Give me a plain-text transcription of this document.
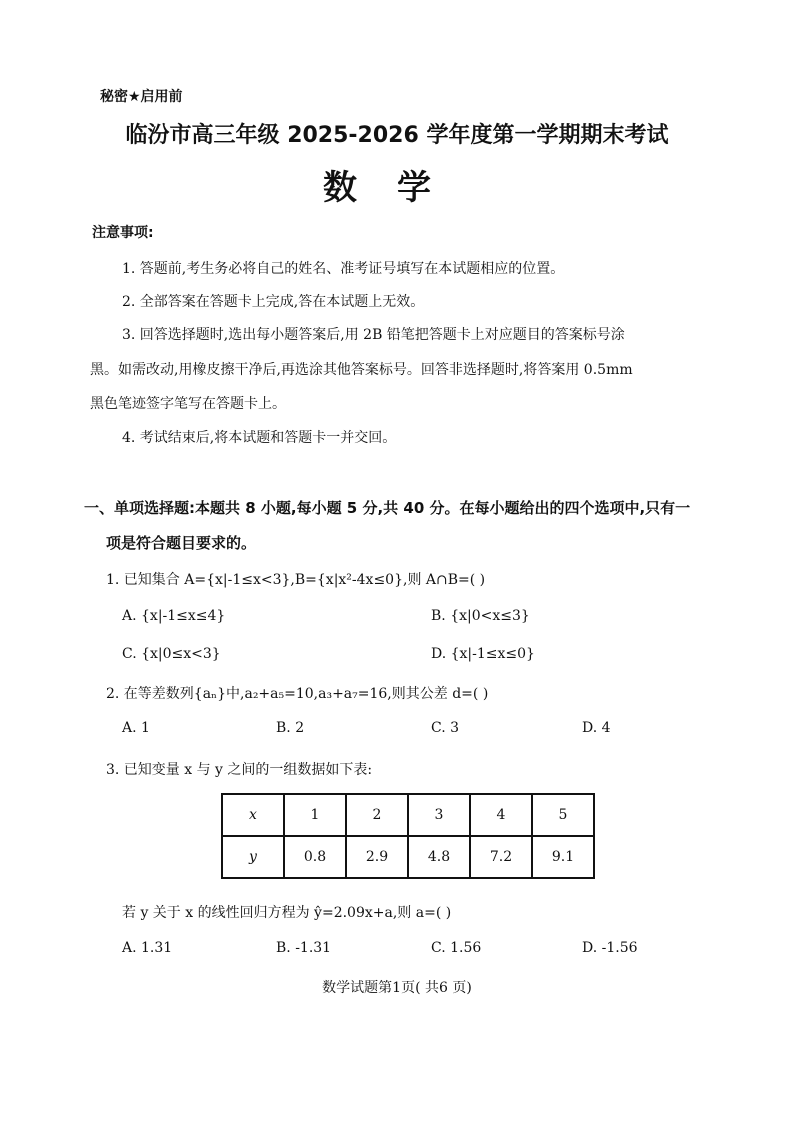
秘密★启用前
临汾市高三年级 2025-2026 学年度第一学期期末考试
数学
注意事项:
1. 答题前,考生务必将自己的姓名、准考证号填写在本试题相应的位置。
2. 全部答案在答题卡上完成,答在本试题上无效。
3. 回答选择题时,选出每小题答案后,用 2B 铅笔把答题卡上对应题目的答案标号涂
黑。如需改动,用橡皮擦干净后,再选涂其他答案标号。回答非选择题时,将答案用 0.5mm
黑色笔迹签字笔写在答题卡上。
4. 考试结束后,将本试题和答题卡一并交回。
一、单项选择题:本题共 8 小题,每小题 5 分,共 40 分。在每小题给出的四个选项中,只有一
项是符合题目要求的。
1. 已知集合 A={x|-1≤x<3},B={x|x²-4x≤0},则 A∩B=( )
A. {x|-1≤x≤4}	B. {x|0<x≤3}
C. {x|0≤x<3}	D. {x|-1≤x≤0}
2. 在等差数列{aₙ}中,a₂+a₅=10,a₃+a₇=16,则其公差 d=( )
A. 1	B. 2	C. 3	D. 4
3. 已知变量 x 与 y 之间的一组数据如下表:
x	1	2	3	4	5
y	0.8	2.9	4.8	7.2	9.1
若 y 关于 x 的线性回归方程为 ŷ=2.09x+a,则 a=( )
A. 1.31	B. -1.31	C. 1.56	D. -1.56
数学试题第1页( 共6 页)
